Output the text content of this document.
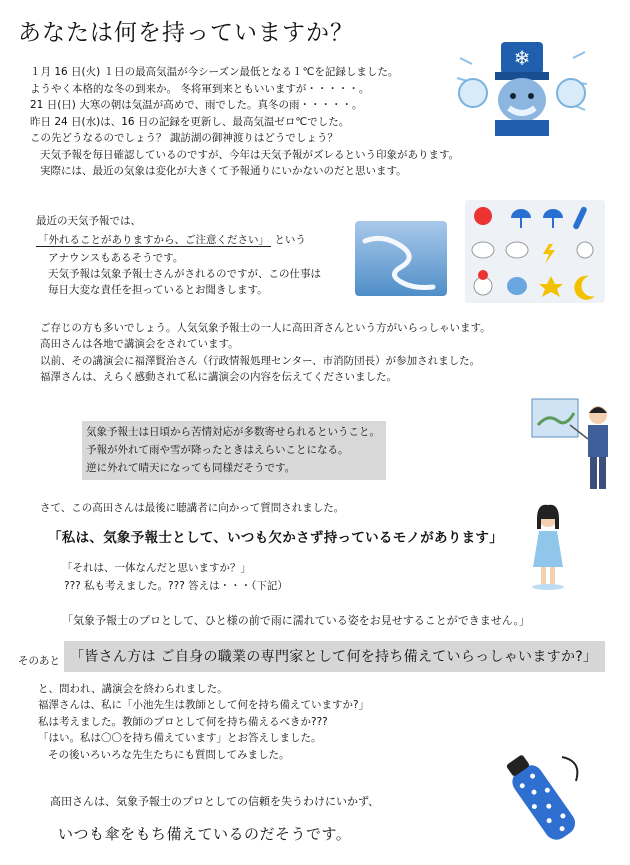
あなたは何を持っていますか？
❄
１月 16 日(火) １日の最高気温が今シーズン最低となる１℃を記録しました。
ようやく本格的な冬の到来か。 冬将軍到来ともいいますが・・・・・。
21 日(日) 大寒の朝は気温が高めで、雨でした。真冬の雨・・・・・。
昨日 24 日(水)は、16 日の記録を更新し、最高気温ゼロ℃でした。
この先どうなるのでしょう？ 諏訪湖の御神渡りはどうでしょう？
天気予報を毎日確認しているのですが、今年は天気予報がズレるという印象があります。
実際には、最近の気象は変化が大きくて予報通りにいかないのだと思います。
最近の天気予報では、
「外れることがありますから、ご注意ください」 という
アナウンスもあるそうです。
天気予報は気象予報士さんがされるのですが、この仕事は
毎日大変な責任を担っているとお聞きします。
ご存じの方も多いでしょう。人気気象予報士の一人に高田斉さんという方がいらっしゃいます。
高田さんは各地で講演会をされています。
以前、その講演会に福澤賢治さん（行政情報処理センター、市消防団長）が参加されました。
福澤さんは、えらく感動されて私に講演会の内容を伝えてくださいました。
気象予報士は日頃から苦情対応が多数寄せられるということ。
予報が外れて雨や雪が降ったときはえらいことになる。
逆に外れて晴天になっても同様だそうです。
さて、この高田さんは最後に聴講者に向かって質問されました。
「私は、気象予報士として、いつも欠かさず持っているモノがあります」
「それは、一体なんだと思いますか？」
??? 私も考えました。??? 答えは・・・（下記）
「気象予報士のプロとして、ひと様の前で雨に濡れている姿をお見せすることができません。」
そのあと 「皆さん方は ご自身の職業の専門家として何を持ち備えていらっしゃいますか?」
と、問われ、講演会を終わられました。
福澤さんは、私に「小池先生は教師として何を持ち備えていますか?」
私は考えました。教師のプロとして何を持ち備えるべきか???
「はい。私は〇〇を持ち備えています」とお答えしました。
その後いろいろな先生たちにも質問してみました。
高田さんは、気象予報士のプロとしての信頼を失うわけにいかず、
いつも傘をもち備えているのだそうです。
